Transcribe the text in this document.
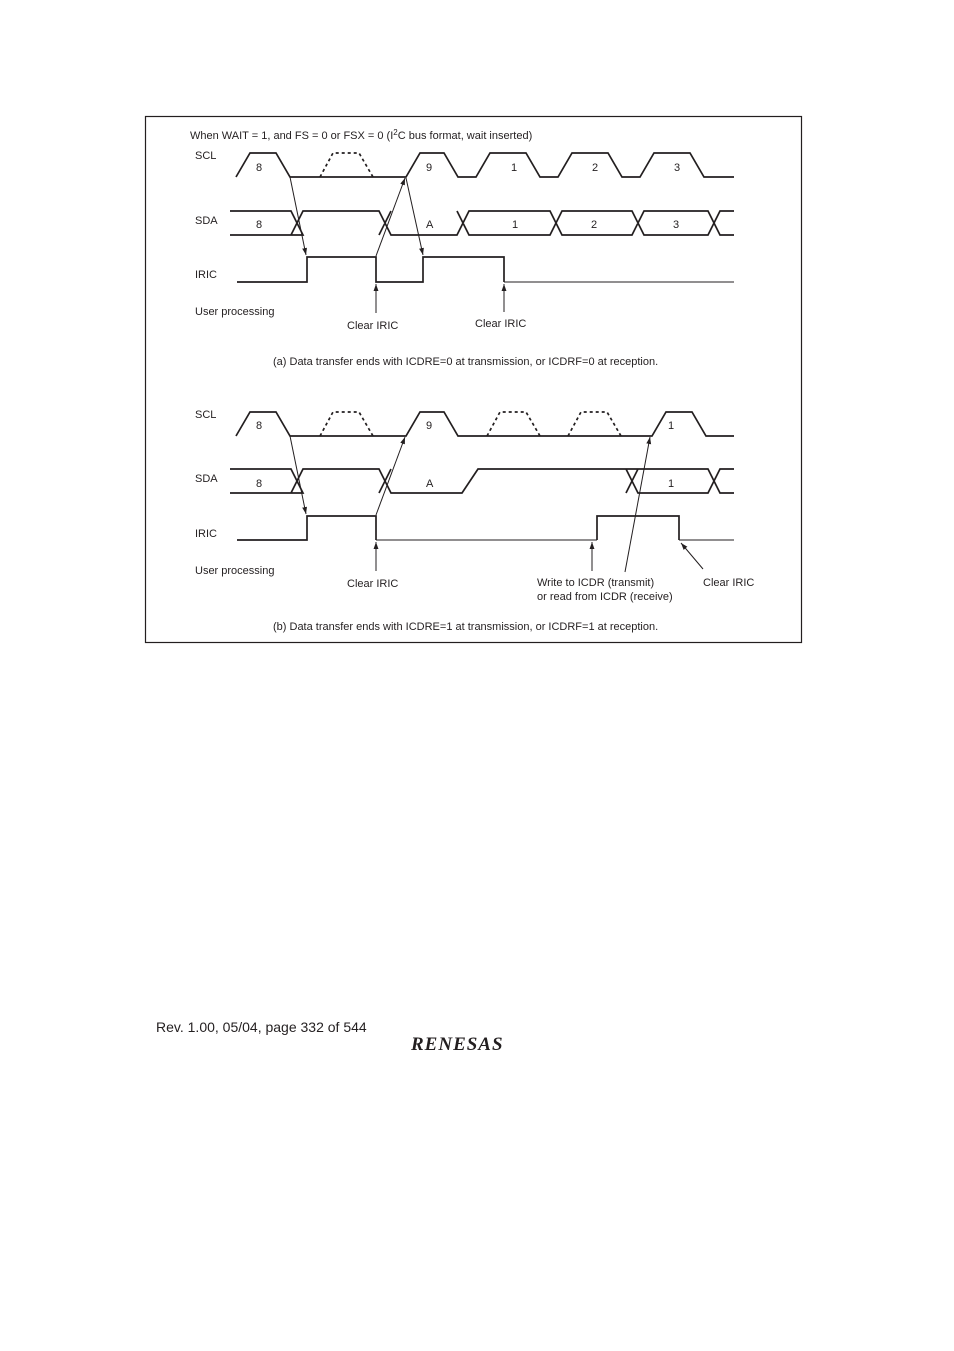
When WAIT = 1, and FS = 0 or FSX = 0 ($I^2C$ bus format, wait inserted)
SCL
SDA
IRIC
User processing
8	9	1	2	3
8	A	1	2	3
Clear IRIC	Clear IRIC
(a) Data transfer ends with ICDRE=0 at transmission, or ICDRF=0 at reception.
SCL
SDA
IRIC
User processing
8	9	1
8	A	1
Clear IRIC	Write to ICDR (transmit)
or read from ICDR (receive)
Clear IRIC
(b) Data transfer ends with ICDRE=1 at transmission, or ICDRF=1 at reception.
Rev. 1.00, 05/04, page 332 of 544
RENESAS
